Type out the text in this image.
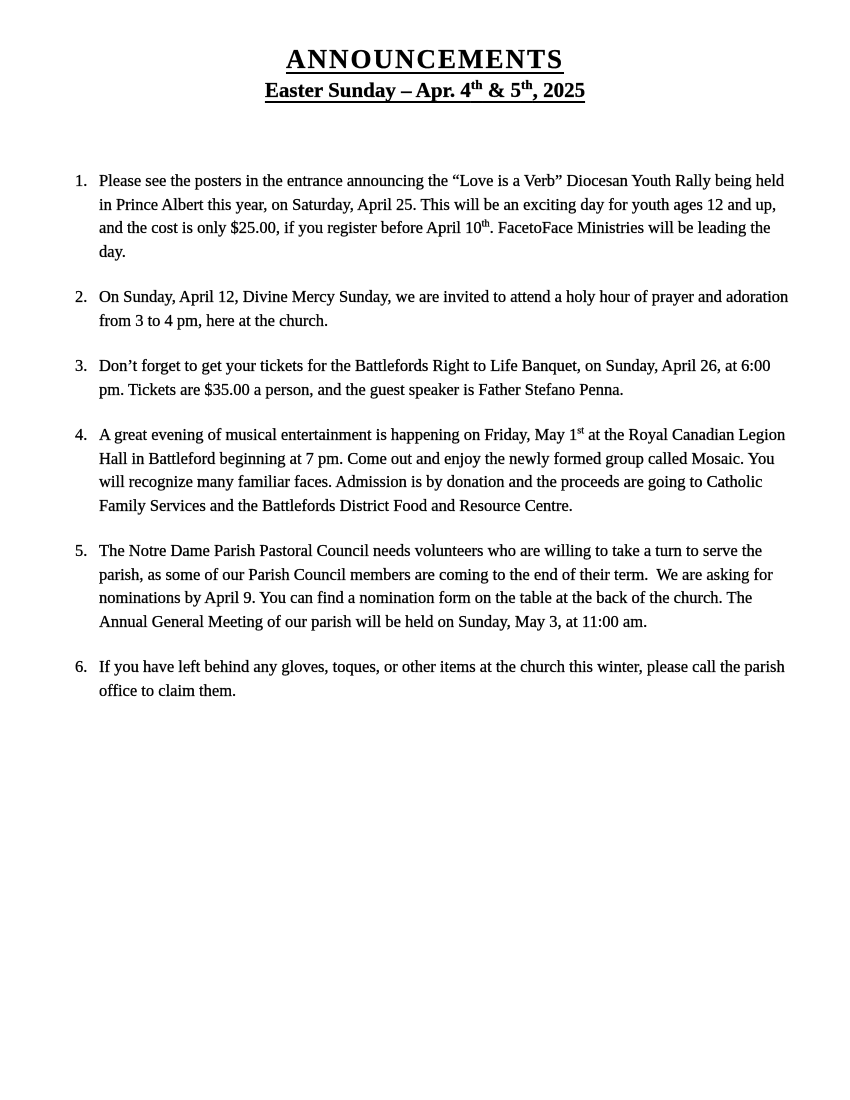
ANNOUNCEMENTS
Easter Sunday – Apr. 4th & 5th, 2025
1. Please see the posters in the entrance announcing the “Love is a Verb” Diocesan Youth Rally being held in Prince Albert this year, on Saturday, April 25. This will be an exciting day for youth ages 12 and up, and the cost is only $25.00, if you register before April 10th. FacetoFace Ministries will be leading the day.
2. On Sunday, April 12, Divine Mercy Sunday, we are invited to attend a holy hour of prayer and adoration from 3 to 4 pm, here at the church.
3. Don’t forget to get your tickets for the Battlefords Right to Life Banquet, on Sunday, April 26, at 6:00 pm. Tickets are $35.00 a person, and the guest speaker is Father Stefano Penna.
4. A great evening of musical entertainment is happening on Friday, May 1st at the Royal Canadian Legion Hall in Battleford beginning at 7 pm. Come out and enjoy the newly formed group called Mosaic. You will recognize many familiar faces. Admission is by donation and the proceeds are going to Catholic Family Services and the Battlefords District Food and Resource Centre.
5. The Notre Dame Parish Pastoral Council needs volunteers who are willing to take a turn to serve the parish, as some of our Parish Council members are coming to the end of their term.  We are asking for nominations by April 9. You can find a nomination form on the table at the back of the church. The Annual General Meeting of our parish will be held on Sunday, May 3, at 11:00 am.
6. If you have left behind any gloves, toques, or other items at the church this winter, please call the parish office to claim them.
